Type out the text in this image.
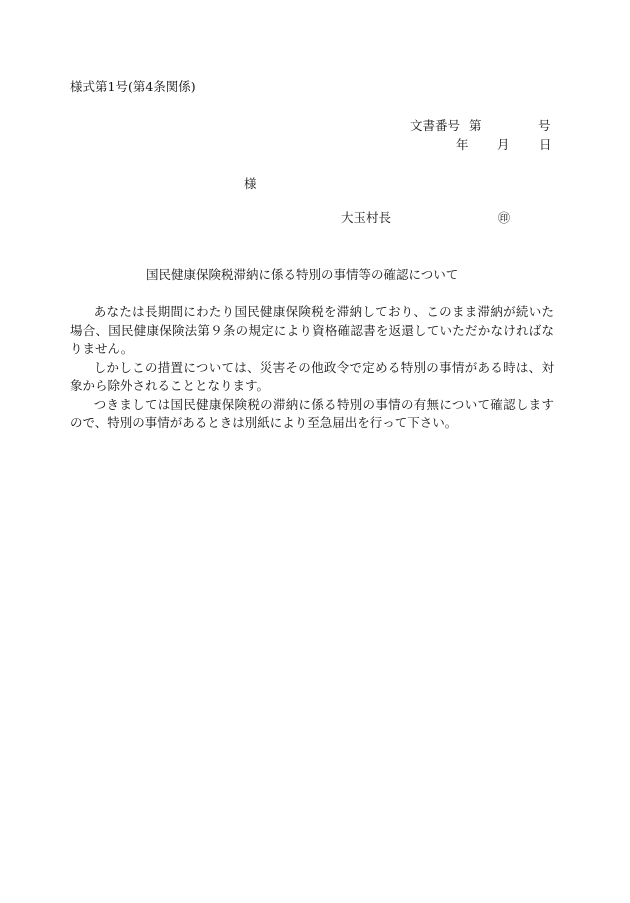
様式第1号(第4条関係)
文書番号 第	号
年 月 日
様
大玉村長	㊞
国民健康保険税滞納に係る特別の事情等の確認について

あなたは長期間にわたり国民健康保険税を滞納しており、このまま滞納が続いた場合、国民健康保険法第９条の規定により資格確認書を返還していただかなければなりません。

しかしこの措置については、災害その他政令で定める特別の事情がある時は、対象から除外されることとなります。

つきましては国民健康保険税の滞納に係る特別の事情の有無について確認しますので、特別の事情があるときは別紙により至急届出を行って下さい。
